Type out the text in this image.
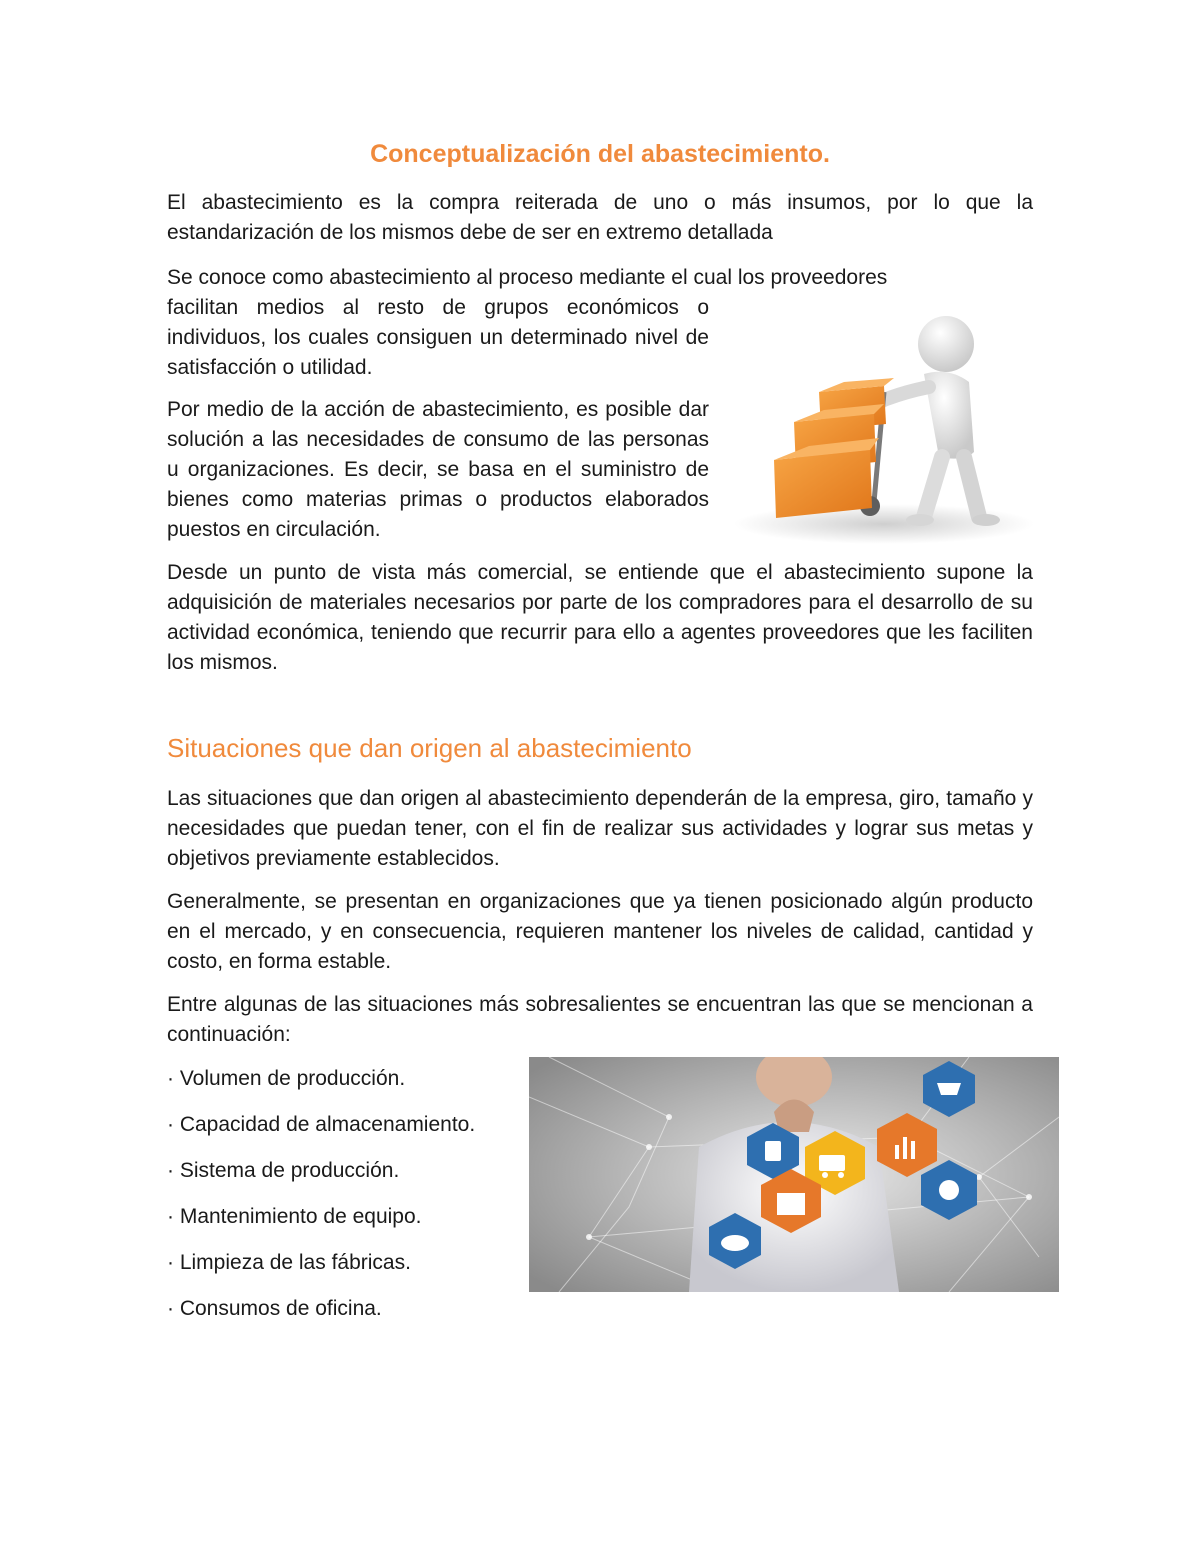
Conceptualización del abastecimiento.

El abastecimiento es la compra reiterada de uno o más insumos, por lo que la estandarización de los mismos debe de ser en extremo detallada

Se conoce como abastecimiento al proceso mediante el cual los proveedores

facilitan medios al resto de grupos económicos o individuos, los cuales consiguen un determinado nivel de satisfacción o utilidad.

Por medio de la acción de abastecimiento, es posible dar solución a las necesidades de consumo de las personas u organizaciones. Es decir, se basa en el suministro de bienes como materias primas o productos elaborados puestos en circulación.

Desde un punto de vista más comercial, se entiende que el abastecimiento supone la adquisición de materiales necesarios por parte de los compradores para el desarrollo de su actividad económica, teniendo que recurrir para ello a agentes proveedores que les faciliten los mismos.

Situaciones que dan origen al abastecimiento

Las situaciones que dan origen al abastecimiento dependerán de la empresa, giro, tamaño y necesidades que puedan tener, con el fin de realizar sus actividades y lograr sus metas y objetivos previamente establecidos.

Generalmente, se presentan en organizaciones que ya tienen posicionado algún producto en el mercado, y en consecuencia, requieren mantener los niveles de calidad, cantidad y costo, en forma estable.

Entre algunas de las situaciones más sobresalientes se encuentran las que se mencionan a continuación:

· Volumen de producción.
· Capacidad de almacenamiento.
· Sistema de producción.
· Mantenimiento de equipo.
· Limpieza de las fábricas.
· Consumos de oficina.
